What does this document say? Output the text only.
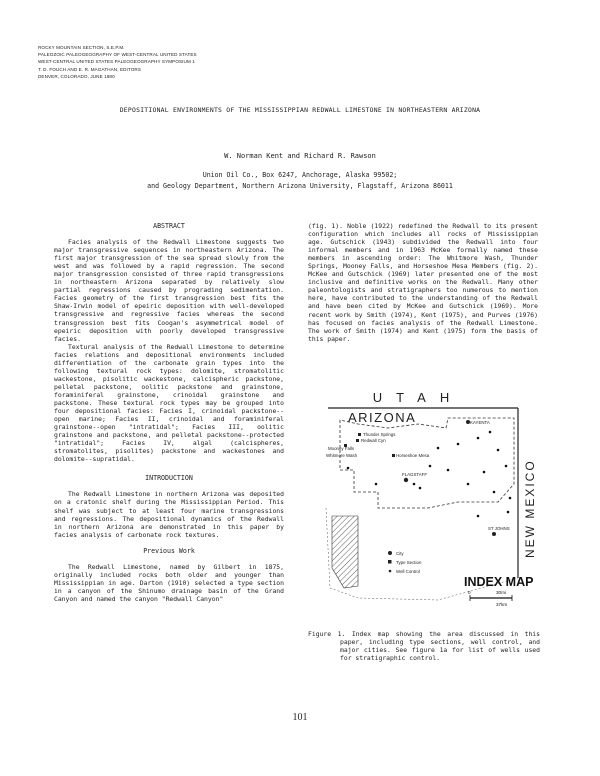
ROCKY MOUNTAIN SECTION, S.E.P.M.
PALEOZOIC PALEOGEOGRAPHY OF WEST-CENTRAL UNITED STATES
WEST-CENTRAL UNITED STATES PALEOGEOGRAPHY SYMPOSIUM 1
T. D. FOUCH AND E. R. MAGATHAN, EDITORS
DENVER, COLORADO, JUNE 1980
DEPOSITIONAL ENVIRONMENTS OF THE MISSISSIPPIAN REDWALL LIMESTONE IN NORTHEASTERN ARIZONA
W. Norman Kent and Richard R. Rawson
Union Oil Co., Box 6247, Anchorage, Alaska 99502;
and Geology Department, Northern Arizona University, Flagstaff, Arizona 86011
ABSTRACT

Facies analysis of the Redwall Limestone suggests two major transgressive sequences in northeastern Arizona. The first major transgression of the sea spread slowly from the west and was followed by a rapid regression. The second major transgression consisted of three rapid transgressions in northeastern Arizona separated by relatively slow partial regressions caused by prograding sedimentation. Facies geometry of the first transgression best fits the Shaw-Irwin model of epeiric deposition with well-developed transgressive and regressive facies whereas the second transgression best fits Coogan's asymmetrical model of epeiric deposition with poorly developed transgressive facies.

Textural analysis of the Redwall Limestone to determine facies relations and depositional environments included differentiation of the carbonate grain types into the following textural rock types: dolomite, stromatolitic wackestone, pisolitic wackestone, calcispheric packstone, pelletal packstone, oolitic packstone and grainstone, foraminiferal grainstone, crinoidal grainstone and packstone. These textural rock types may be grouped into four depositional facies: Facies I, crinoidal packstone--open marine; Facies II, crinoidal and foraminiferal grainstone--open "intratidal"; Facies III, oolitic grainstone and packstone, and pelletal packstone--protected "intratidal"; Facies IV, algal (calcispheres, stromatolites, pisolites) packstone and wackestones and dolomite--supratidal.

INTRODUCTION

The Redwall Limestone in northern Arizona was deposited on a cratonic shelf during the Mississippian Period. This shelf was subject to at least four marine transgressions and regressions. The depositional dynamics of the Redwall in northern Arizona are demonstrated in this paper by facies analysis of carbonate rock textures.

Previous Work

The Redwall Limestone, named by Gilbert in 1875, originally included rocks both older and younger than Mississippian in age. Darton (1910) selected a type section in a canyon of the Shinumo drainage basin of the Grand Canyon and named the canyon "Redwall Canyon"

(fig. 1). Noble (1922) redefined the Redwall to its present configuration which includes all rocks of Mississippian age. Gutschick (1943) subdivided the Redwall into four informal members and in 1963 McKee formally named these members in ascending order: The Whitmore Wash, Thunder Springs, Mooney Falls, and Horseshoe Mesa Members (fig. 2). McKee and Gutschick (1969) later presented one of the most inclusive and definitive works on the Redwall. Many other paleontologists and stratigraphers too numerous to mention here, have contributed to the understanding of the Redwall and have been cited by McKee and Gutschick (1969). More recent work by Smith (1974), Kent (1975), and Purves (1976) has focused on facies analysis of the Redwall Limestone. The work of Smith (1974) and Kent (1975) form the basis of this paper.

UTAH
ARIZONA
NEW MEXICO
Thunder Springs
Redwall Cyn
Mooney Falls
Whitmore Wash	Horseshoe Mesa
FLAGSTAFF
KAYENTA
ST JOHNS
City
Type Section
Well Control
INDEX MAP
0	30mi
37km

Figure 1. Index map showing the area discussed in this paper, including type sections, well control, and major cities. See figure 1a for list of wells used for stratigraphic control.

101
